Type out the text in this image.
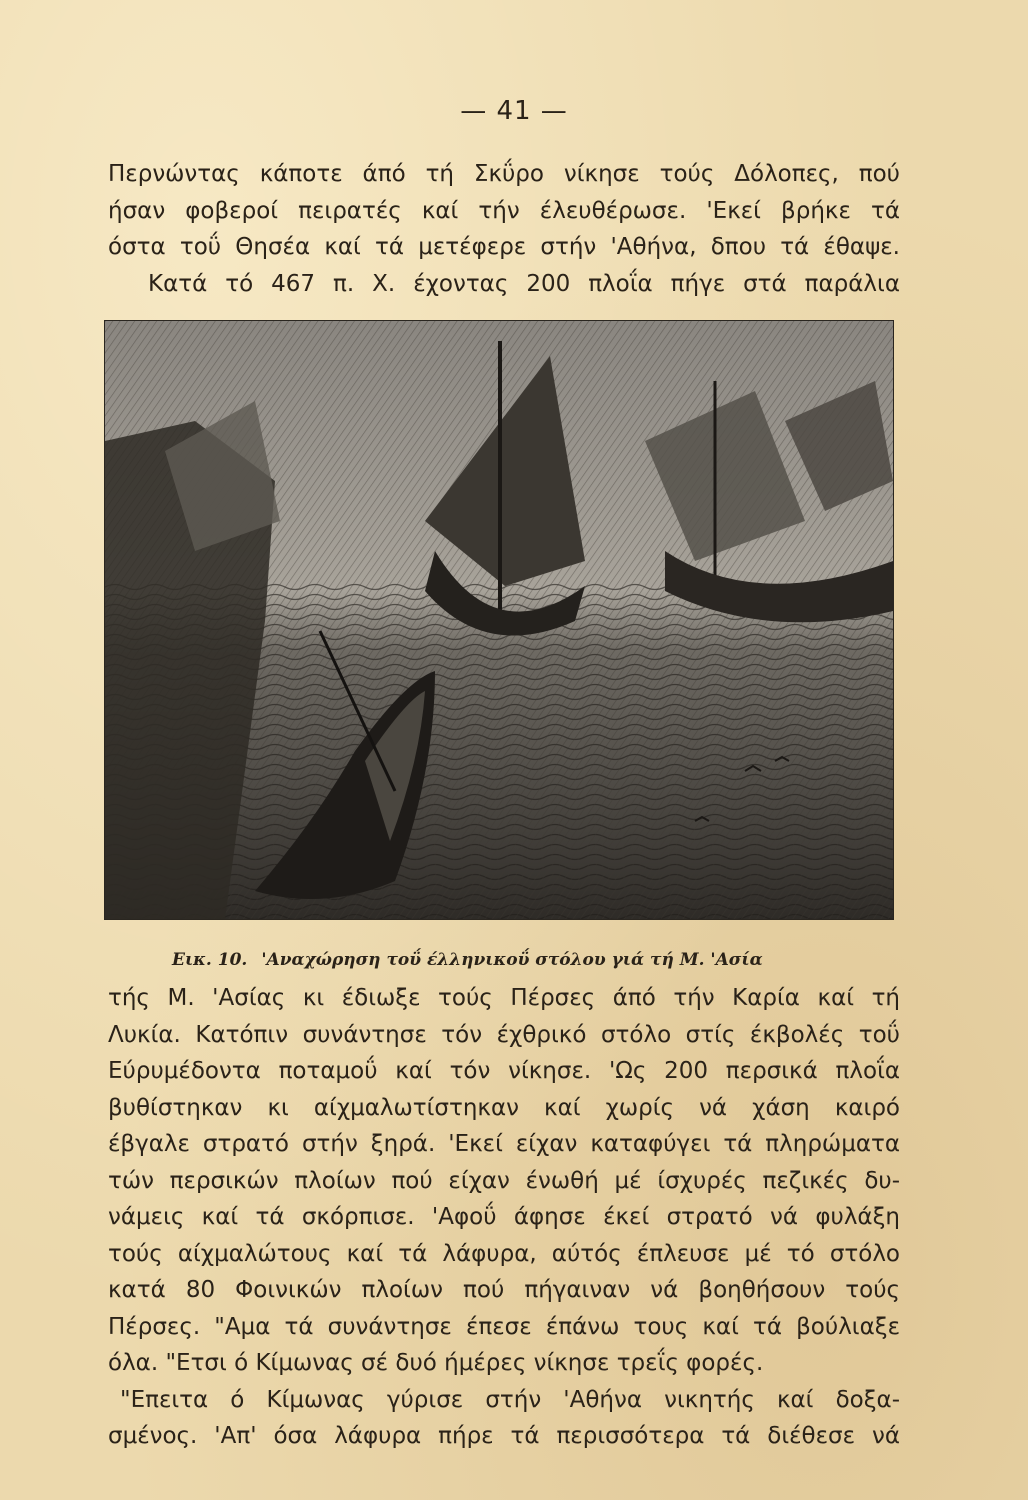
— 41 —
Περνώντας κάποτε άπό τή Σκΰρο νίκησε τούς Δόλοπες, πού
ήσαν φοβεροί πειρατές καί τήν έλευθέρωσε. 'Εκεί βρήκε τά
όστα τοΰ Θησέα καί τά μετέφερε στήν 'Αθήνα, δπου τά έθαψε.
Κατά τό 467 π. Χ. έχοντας 200 πλοΐα πήγε στά παράλια
Εικ. 10. 'Αναχώρηση τοΰ έλληνικοΰ στόλου γιά τή Μ. 'Ασία
τής Μ. 'Ασίας κι έδιωξε τούς Πέρσες άπό τήν Καρία καί τή
Λυκία. Κατόπιν συνάντησε τόν έχθρικό στόλο στίς έκβολές τοΰ
Εύρυμέδοντα ποταμοΰ καί τόν νίκησε. 'Ως 200 περσικά πλοΐα
βυθίστηκαν κι αίχμαλωτίστηκαν καί χωρίς νά χάση καιρό
έβγαλε στρατό στήν ξηρά. 'Εκεί είχαν καταφύγει τά πληρώματα
τών περσικών πλοίων πού είχαν ένωθή μέ ίσχυρές πεζικές δυ-
νάμεις καί τά σκόρπισε. 'Αφοΰ άφησε έκεί στρατό νά φυλάξη
τούς αίχμαλώτους καί τά λάφυρα, αύτός έπλευσε μέ τό στόλο
κατά 80 Φοινικών πλοίων πού πήγαιναν νά βοηθήσουν τούς
Πέρσες. "Αμα τά συνάντησε έπεσε έπάνω τους καί τά βούλιαξε
όλα. "Ετσι ό Κίμωνας σέ δυό ήμέρες νίκησε τρεΐς φορές.
"Επειτα ό Κίμωνας γύρισε στήν 'Αθήνα νικητής καί δοξα-
σμένος. 'Απ' όσα λάφυρα πήρε τά περισσότερα τά διέθεσε νά
